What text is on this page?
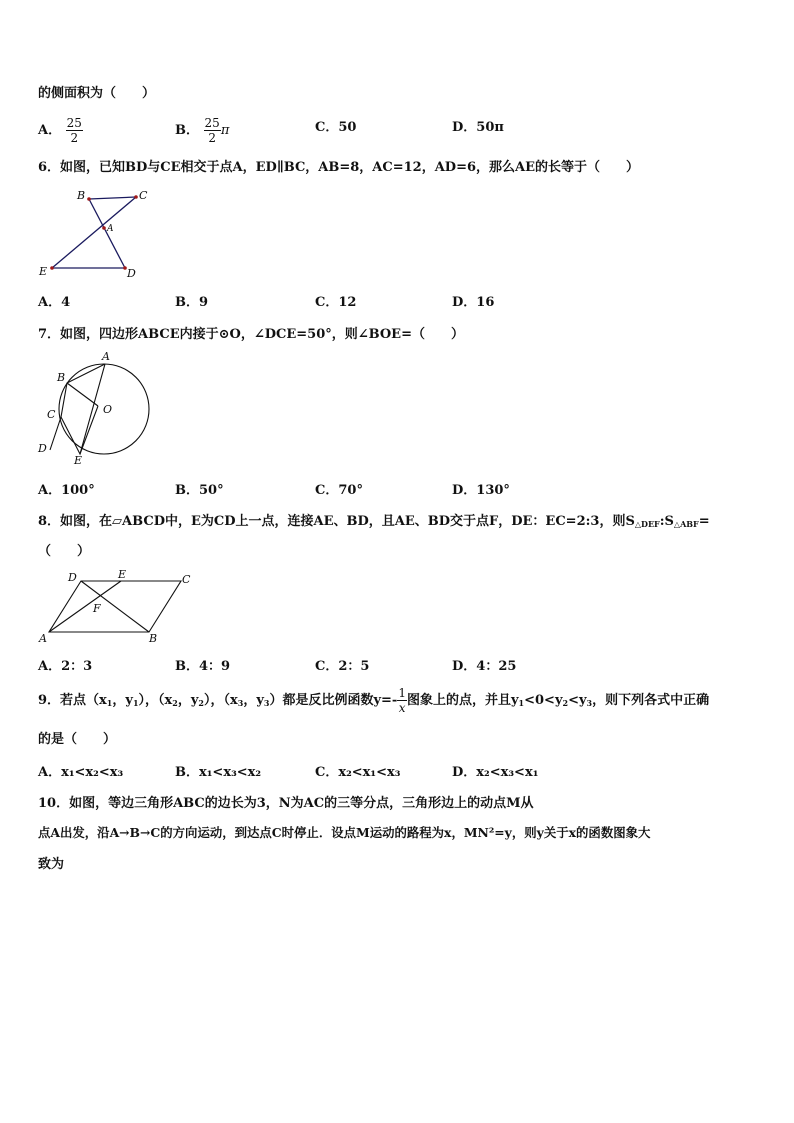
的侧面积为（　　）
A． $\frac{25}{2}$	B． $\frac{25}{2}$ π	C．50	D．50π
6．如图，已知BD与CE相交于点A，ED∥BC，AB=8，AC=12，AD=6，那么AE的长等于（　　）
B	C
A
E	D
A．4	B．9	C．12	D．16
7．如图，四边形ABCE内接于⊙O，∠DCE=50°，则∠BOE=（　　）
A
B
O
C
D
E
A．100°	B．50°	C．70°	D．130°
8．如图，在▱ABCD中，E为CD上一点，连接AE、BD，且AE、BD交于点F，DE：EC=2:3，则$S_{\triangle DEF}:S_{\triangle ABF}=$
（　　）
D	E	C
F
A	B
A．2：3	B．4：9	C．2：5	D．4：25
9．若点（$x_1$，$y_1$），（$x_2$，$y_2$），（$x_3$，$y_3$）都是反比例函数$y=- \frac{1}{x}$ 图象上的点，并且$y_1<0<y_2<y_3$，则下列各式中正确
的是（　　）
A．x₁<x₂<x₃	B．x₁<x₃<x₂	C．x₂<x₁<x₃	D．x₂<x₃<x₁
10．如图，等边三角形ABC的边长为3，N为AC的三等分点，三角形边上的动点M从
点A出发，沿A→B→C的方向运动，到达点C时停止．设点M运动的路程为x，MN²=y，则y关于x的函数图象大
致为
